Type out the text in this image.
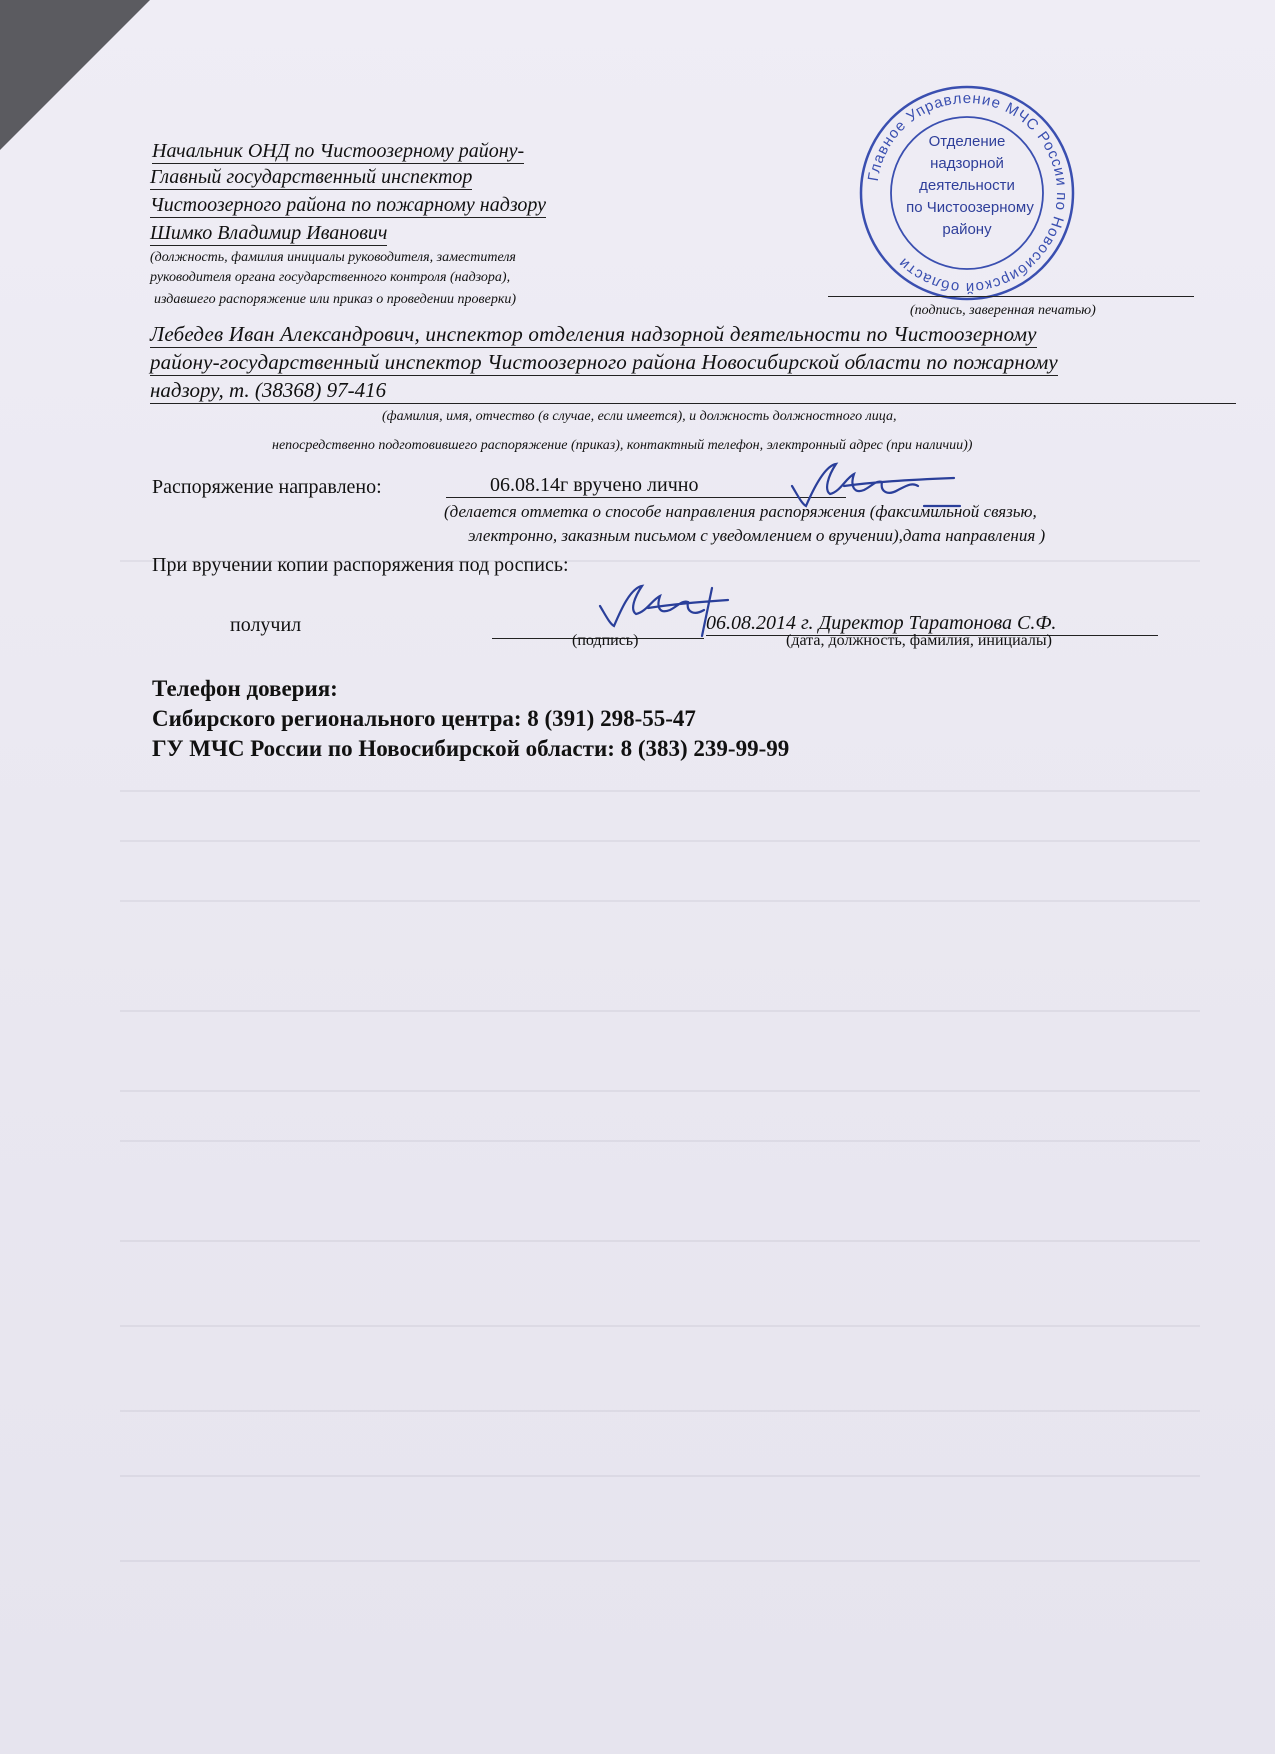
Начальник ОНД по Чистоозерному району-
Главный государственный инспектор
Чистоозерного района по пожарному надзору
Шимко Владимир Иванович
(должность, фамилия инициалы руководителя, заместителя
руководителя органа государственного контроля (надзора),
издавшего распоряжение или приказ о проведении проверки)
Главное Управление МЧС России по Новосибирской области
Отделение
надзорной
деятельности
по Чистоозерному
району
(подпись, заверенная печатью)
Лебедев Иван Александрович, инспектор отделения надзорной деятельности по Чистоозерному
району-государственный инспектор Чистоозерного района Новосибирской области по пожарному
надзору, т. (38368) 97-416
(фамилия, имя, отчество (в случае, если имеется), и должность должностного лица,
непосредственно подготовившего распоряжение (приказ), контактный телефон, электронный адрес (при наличии))
Распоряжение направлено:	06.08.14г вручено лично
(делается отметка о способе направления распоряжения (факсимильной связью,
электронно, заказным письмом с уведомлением о вручении),дата направления )
При вручении копии распоряжения под роспись:
получил
(подпись)
06.08.2014 г. Директор Таратонова С.Ф.
(дата, должность, фамилия, инициалы)
Телефон доверия:
Сибирского регионального центра: 8 (391) 298-55-47
ГУ МЧС России по Новосибирской области: 8 (383) 239-99-99
